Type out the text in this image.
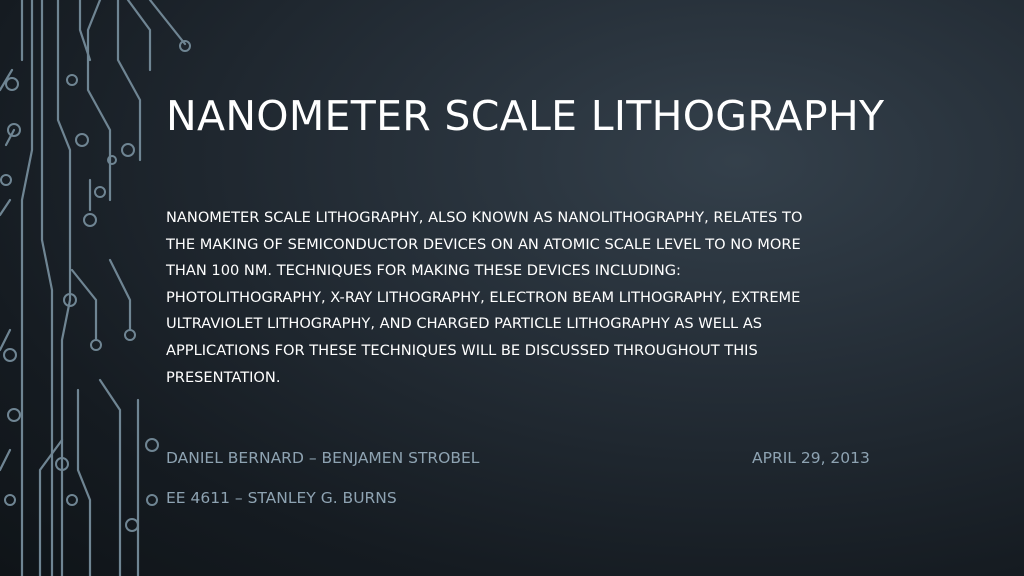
NANOMETER SCALE LITHOGRAPHY

NANOMETER SCALE LITHOGRAPHY, ALSO KNOWN AS NANOLITHOGRAPHY, RELATES TO THE MAKING OF SEMICONDUCTOR DEVICES ON AN ATOMIC SCALE LEVEL TO NO MORE THAN 100 NM. TECHNIQUES FOR MAKING THESE DEVICES INCLUDING: PHOTOLITHOGRAPHY, X-RAY LITHOGRAPHY, ELECTRON BEAM LITHOGRAPHY, EXTREME ULTRAVIOLET LITHOGRAPHY, AND CHARGED PARTICLE LITHOGRAPHY AS WELL AS APPLICATIONS FOR THESE TECHNIQUES WILL BE DISCUSSED THROUGHOUT THIS PRESENTATION.

DANIEL BERNARD – BENJAMEN STROBEL	APRIL 29, 2013
EE 4611 – STANLEY G. BURNS
